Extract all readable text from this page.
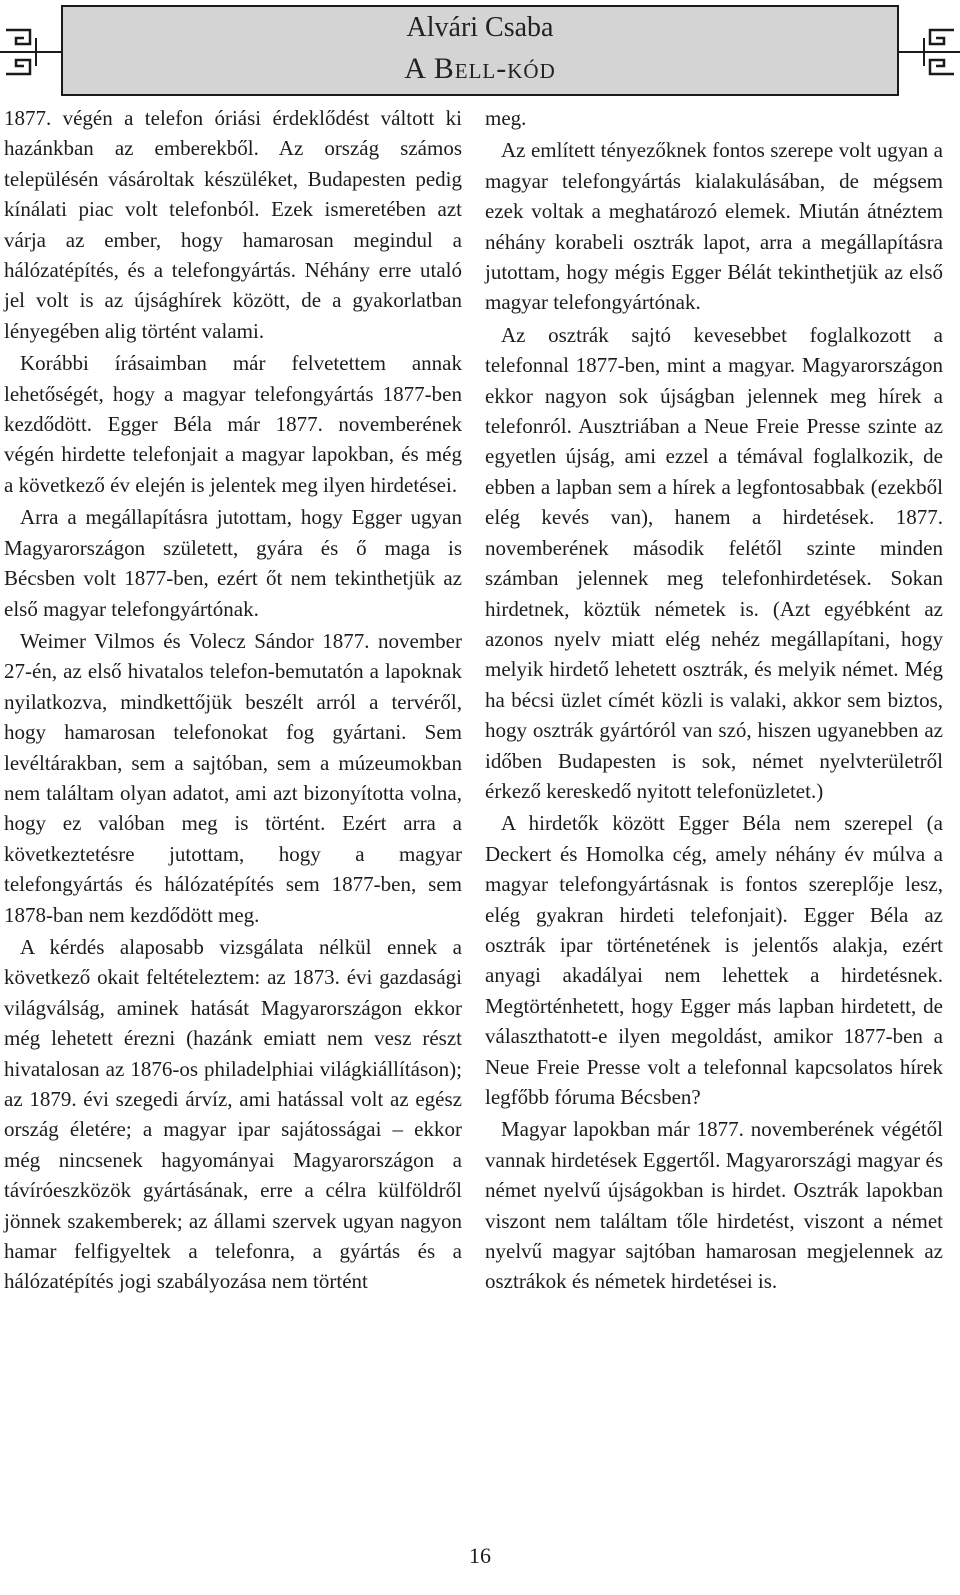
Alvári Csaba
A Bell-kód

1877. végén a telefon óriási érdeklődést váltott ki hazánkban az emberekből. Az ország számos településén vásároltak készüléket, Budapesten pedig kínálati piac volt telefonból. Ezek ismeretében azt várja az ember, hogy hamarosan megindul a hálózatépítés, és a telefongyártás. Néhány erre utaló jel volt is az újsághírek között, de a gyakorlatban lényegében alig történt valami.

Korábbi írásaimban már felvetettem annak lehetőségét, hogy a magyar telefongyártás 1877-ben kezdődött. Egger Béla már 1877. novemberének végén hirdette telefonjait a magyar lapokban, és még a következő év elején is jelentek meg ilyen hirdetései.

Arra a megállapításra jutottam, hogy Egger ugyan Magyarországon született, gyára és ő maga is Bécsben volt 1877-ben, ezért őt nem tekinthetjük az első magyar telefongyártónak.

Weimer Vilmos és Volecz Sándor 1877. november 27-én, az első hivatalos telefon-bemutatón a lapoknak nyilatkozva, mindkettőjük beszélt arról a tervéről, hogy hamarosan telefonokat fog gyártani. Sem levéltárakban, sem a sajtóban, sem a múzeumokban nem találtam olyan adatot, ami azt bizonyította volna, hogy ez valóban meg is történt. Ezért arra a következtetésre jutottam, hogy a magyar telefongyártás és hálózatépítés sem 1877-ben, sem 1878-ban nem kezdődött meg.

A kérdés alaposabb vizsgálata nélkül ennek a következő okait feltételeztem: az 1873. évi gazdasági világválság, aminek hatását Magyarországon ekkor még lehetett érezni (hazánk emiatt nem vesz részt hivatalosan az 1876-os philadelphiai világkiállításon); az 1879. évi szegedi árvíz, ami hatással volt az egész ország életére; a magyar ipar sajátosságai – ekkor még nincsenek hagyományai Magyarországon a távíróeszközök gyártásának, erre a célra külföldről jönnek szakemberek; az állami szervek ugyan nagyon hamar felfigyeltek a telefonra, a gyártás és a hálózatépítés jogi szabályozása nem történt

meg.

Az említett tényezőknek fontos szerepe volt ugyan a magyar telefongyártás kialakulásában, de mégsem ezek voltak a meghatározó elemek. Miután átnéztem néhány korabeli osztrák lapot, arra a megállapításra jutottam, hogy mégis Egger Bélát tekinthetjük az első magyar telefongyártónak.

Az osztrák sajtó kevesebbet foglalkozott a telefonnal 1877-ben, mint a magyar. Magyarországon ekkor nagyon sok újságban jelennek meg hírek a telefonról. Ausztriában a Neue Freie Presse szinte az egyetlen újság, ami ezzel a témával foglalkozik, de ebben a lapban sem a hírek a legfontosabbak (ezekből elég kevés van), hanem a hirdetések. 1877. novemberének második felétől szinte minden számban jelennek meg telefonhirdetések. Sokan hirdetnek, köztük németek is. (Azt egyébként az azonos nyelv miatt elég nehéz megállapítani, hogy melyik hirdető lehetett osztrák, és melyik német. Még ha bécsi üzlet címét közli is valaki, akkor sem biztos, hogy osztrák gyártóról van szó, hiszen ugyanebben az időben Budapesten is sok, német nyelvterületről érkező kereskedő nyitott telefonüzletet.)

A hirdetők között Egger Béla nem szerepel (a Deckert és Homolka cég, amely néhány év múlva a magyar telefongyártásnak is fontos szereplője lesz, elég gyakran hirdeti telefonjait). Egger Béla az osztrák ipar történetének is jelentős alakja, ezért anyagi akadályai nem lehettek a hirdetésnek. Megtörténhetett, hogy Egger más lapban hirdetett, de választhatott-e ilyen megoldást, amikor 1877-ben a Neue Freie Presse volt a telefonnal kapcsolatos hírek legfőbb fóruma Bécsben?

Magyar lapokban már 1877. novemberének végétől vannak hirdetések Eggertől. Magyarországi magyar és német nyelvű újságokban is hirdet. Osztrák lapokban viszont nem találtam tőle hirdetést, viszont a német nyelvű magyar sajtóban hamarosan megjelennek az osztrákok és németek hirdetései is.

16
